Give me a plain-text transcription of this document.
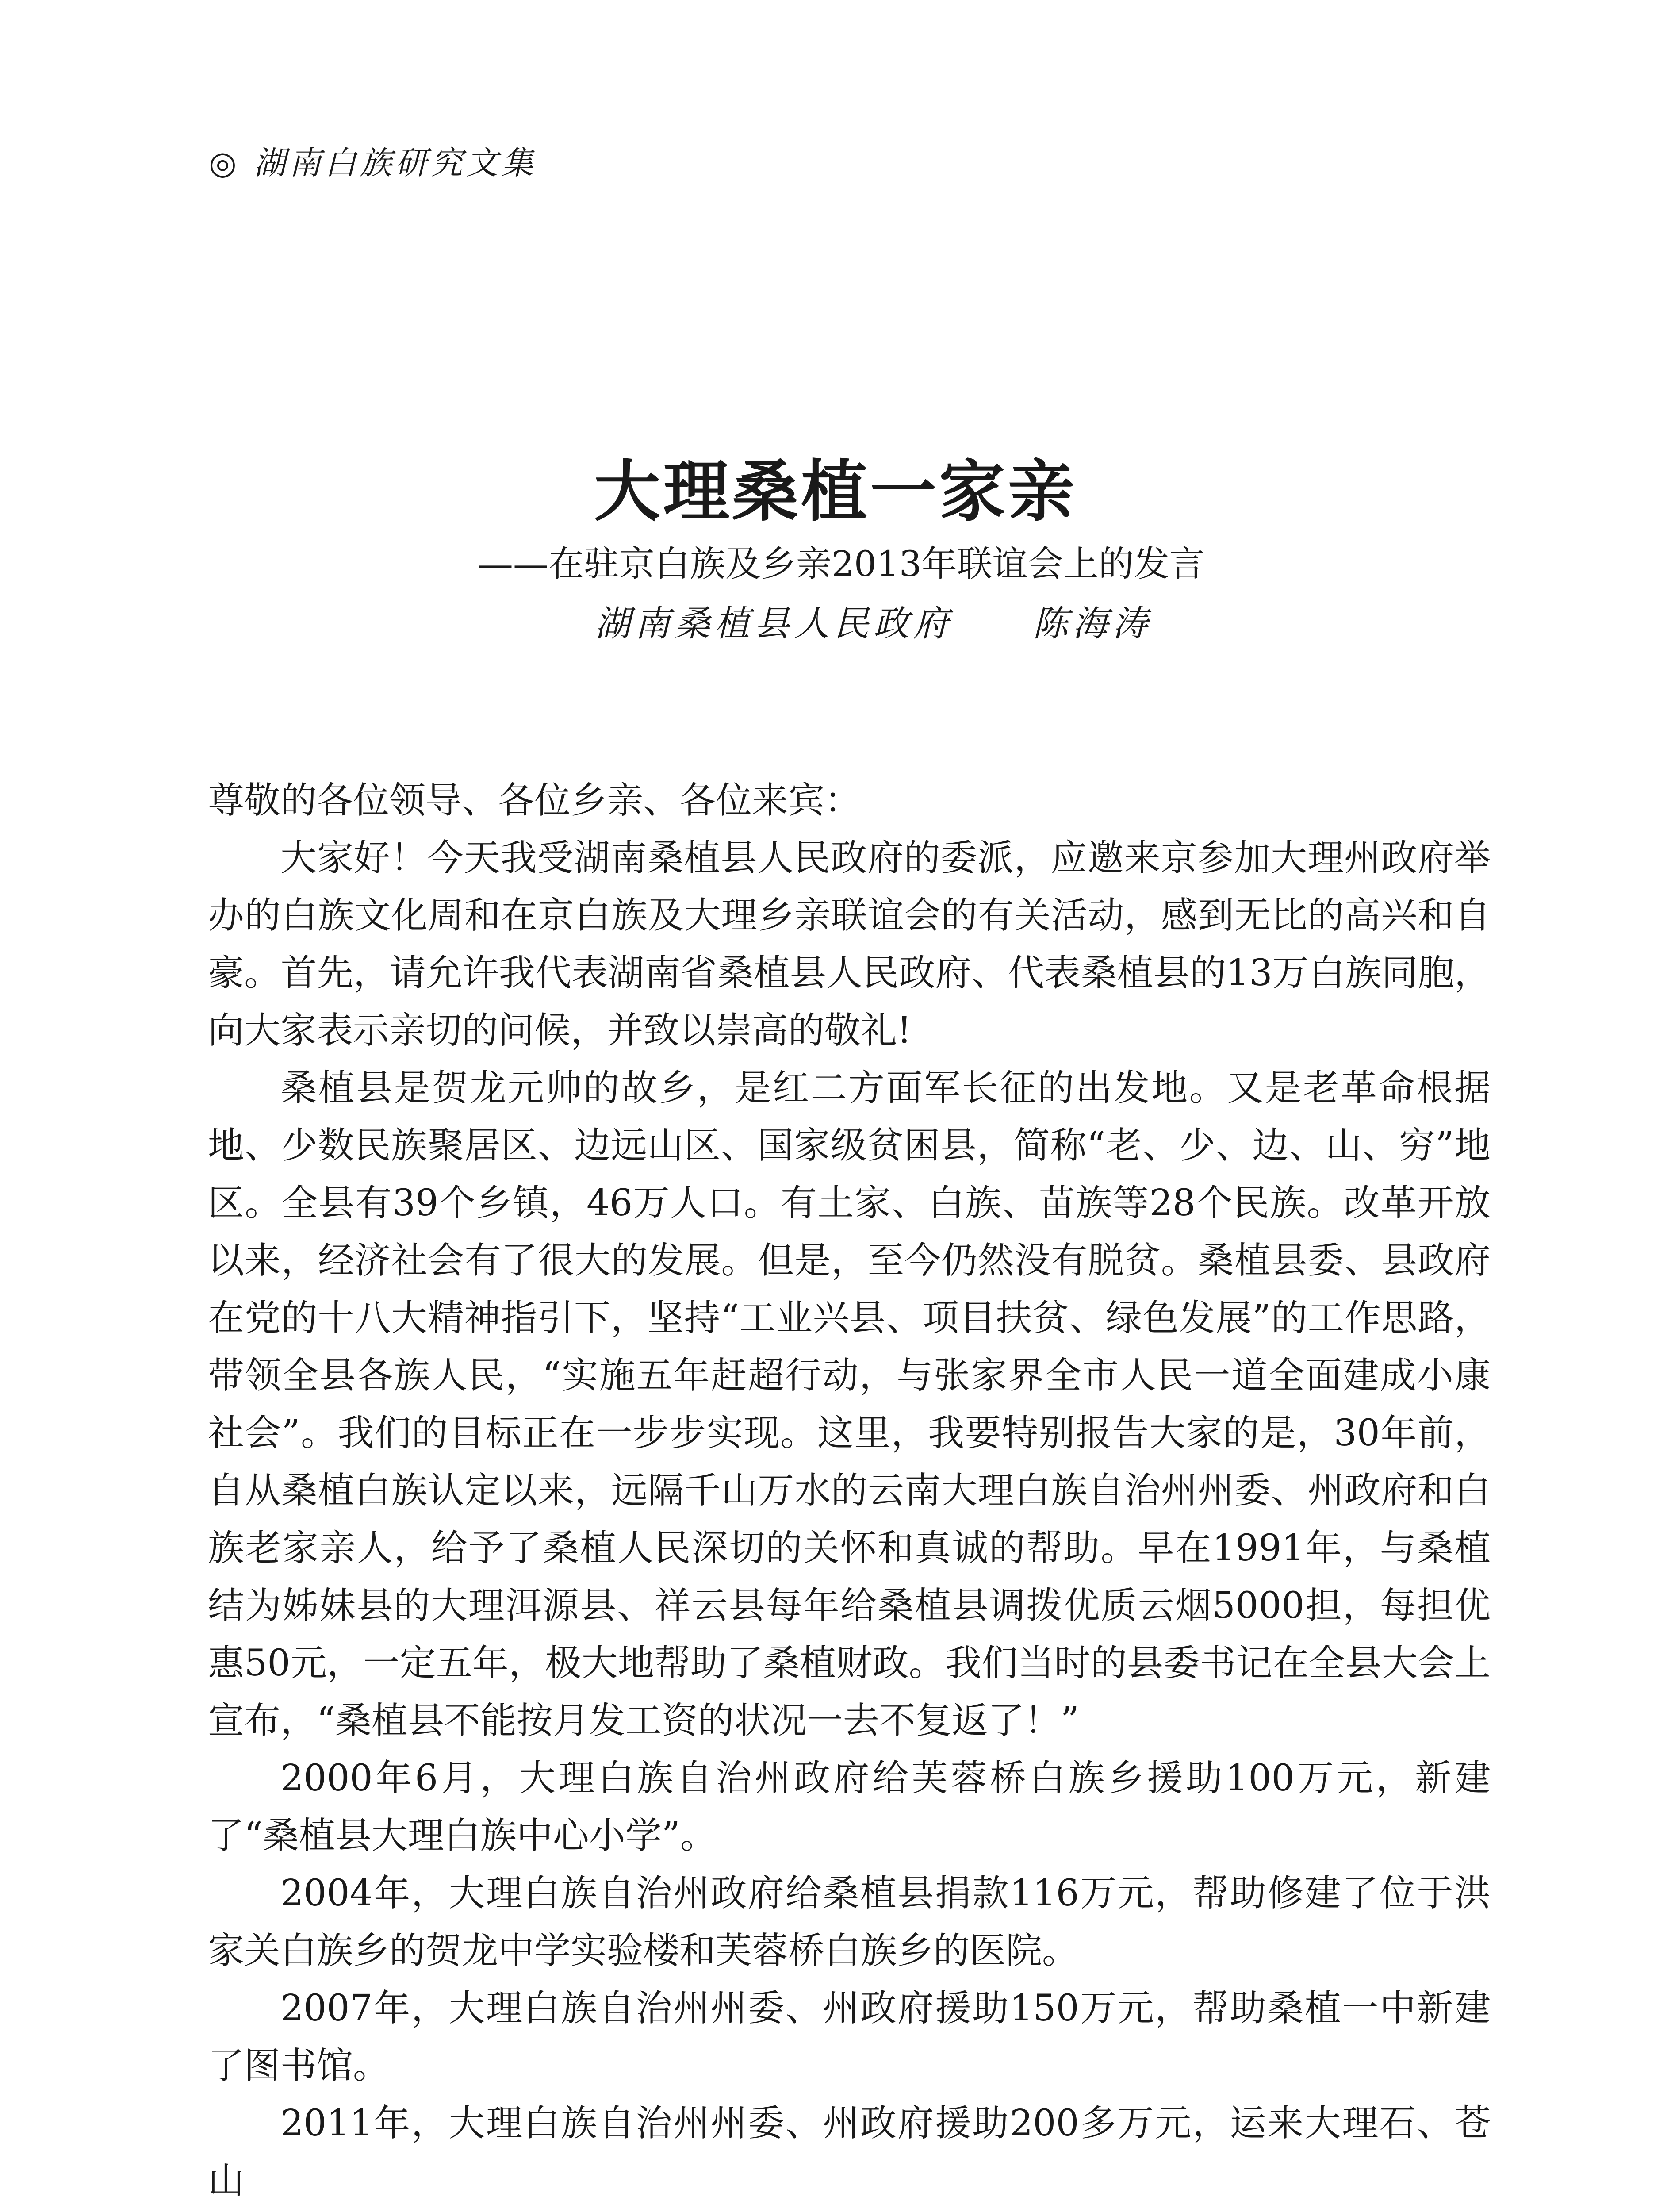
◎ 湖南白族研究文集
大理桑植一家亲
——在驻京白族及乡亲2013年联谊会上的发言
湖南桑植县人民政府 陈海涛

尊敬的各位领导、各位乡亲、各位来宾：

大家好！今天我受湖南桑植县人民政府的委派，应邀来京参加大理州政府举办的白族文化周和在京白族及大理乡亲联谊会的有关活动，感到无比的高兴和自豪。首先，请允许我代表湖南省桑植县人民政府、代表桑植县的13万白族同胞，向大家表示亲切的问候，并致以崇高的敬礼!

桑植县是贺龙元帅的故乡，是红二方面军长征的出发地。又是老革命根据地、少数民族聚居区、边远山区、国家级贫困县，简称“老、少、边、山、穷”地区。全县有39个乡镇，46万人口。有土家、白族、苗族等28个民族。改革开放以来，经济社会有了很大的发展。但是，至今仍然没有脱贫。桑植县委、县政府在党的十八大精神指引下，坚持“工业兴县、项目扶贫、绿色发展”的工作思路，带领全县各族人民，“实施五年赶超行动，与张家界全市人民一道全面建成小康社会”。我们的目标正在一步步实现。这里，我要特别报告大家的是，30年前，自从桑植白族认定以来，远隔千山万水的云南大理白族自治州州委、州政府和白族老家亲人，给予了桑植人民深切的关怀和真诚的帮助。早在1991年，与桑植结为姊妹县的大理洱源县、祥云县每年给桑植县调拨优质云烟5000担，每担优惠50元，一定五年，极大地帮助了桑植财政。我们当时的县委书记在全县大会上宣布，“桑植县不能按月发工资的状况一去不复返了！”

2000年6月，大理白族自治州政府给芙蓉桥白族乡援助100万元，新建了“桑植县大理白族中心小学”。

2004年，大理白族自治州政府给桑植县捐款116万元，帮助修建了位于洪家关白族乡的贺龙中学实验楼和芙蓉桥白族乡的医院。

2007年，大理白族自治州州委、州政府援助150万元，帮助桑植一中新建了图书馆。

2011年，大理白族自治州州委、州政府援助200多万元，运来大理石、苍山
